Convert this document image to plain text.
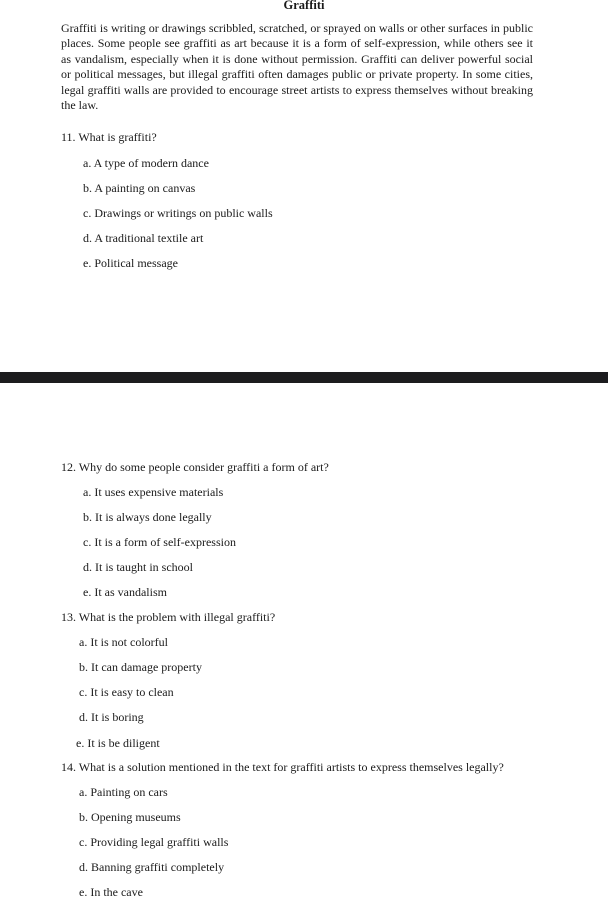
Graffiti

Graffiti is writing or drawings scribbled, scratched, or sprayed on walls or other surfaces in public places. Some people see graffiti as art because it is a form of self-expression, while others see it as vandalism, especially when it is done without permission. Graffiti can deliver powerful social or political messages, but illegal graffiti often damages public or private property. In some cities, legal graffiti walls are provided to encourage street artists to express themselves without breaking the law.

11. What is graffiti?
a. A type of modern dance
b. A painting on canvas
c. Drawings or writings on public walls
d. A traditional textile art
e. Political message
12. Why do some people consider graffiti a form of art?
a. It uses expensive materials
b. It is always done legally
c. It is a form of self-expression
d. It is taught in school
e. It as vandalism
13. What is the problem with illegal graffiti?
a. It is not colorful
b. It can damage property
c. It is easy to clean
d. It is boring
e. It is be diligent
14. What is a solution mentioned in the text for graffiti artists to express themselves legally?
a. Painting on cars
b. Opening museums
c. Providing legal graffiti walls
d. Banning graffiti completely
e. In the cave
